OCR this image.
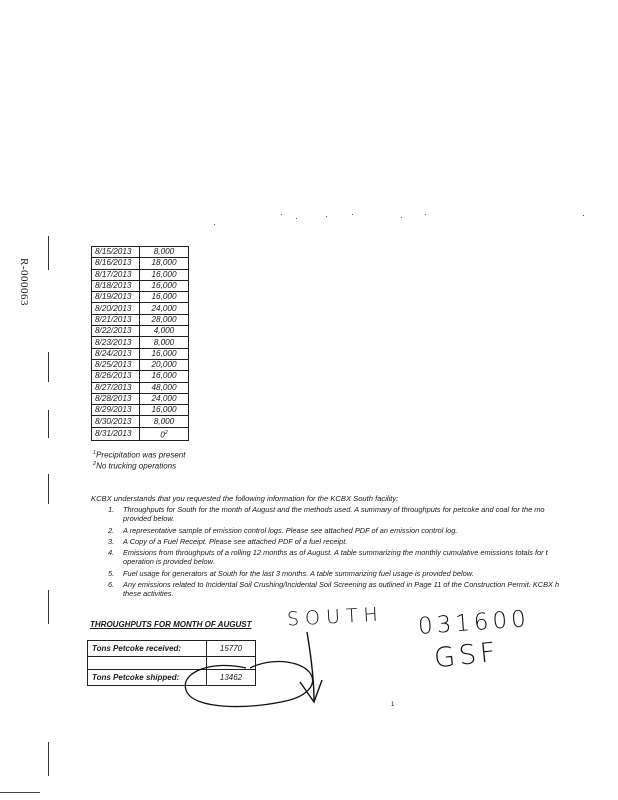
R-000063
8/15/2013	8,000
8/16/2013	18,000
8/17/2013	16,000
8/18/2013	16,000
8/19/2013	16,000
8/20/2013	24,000
8/21/2013	28,000
8/22/2013	4,000
8/23/2013	8,000
8/24/2013	16,000
8/25/2013	20,000
8/26/2013	16,000
8/27/2013	48,000
8/28/2013	24,000
8/29/2013	16,000
8/30/2013	8,000
8/31/2013	$0^2$
$^1$Precipitation was present
$^2$No trucking operations
KCBX understands that you requested the following information for the KCBX South facility:
1. Throughputs for South for the month of August and the methods used. A summary of throughputs for petcoke and coal for the mo
provided below.
2. A representative sample of emission control logs. Please see attached PDF of an emission control log.
3. A Copy of a Fuel Receipt. Please see attached PDF of a fuel receipt.
4. Emissions from throughputs of a rolling 12 months as of August. A table summarizing the monthly cumulative emissions totals for t
operation is provided below.
5. Fuel usage for generators at South for the last 3 months. A table summarizing fuel usage is provided below.
6. Any emissions related to Incidental Soil Crushing/Incidental Soil Screening as outlined in Page 11 of the Construction Permit. KCBX h
these activities.
THROUGHPUTS FOR MONTH OF AUGUST
Tons Petcoke received:	15770

Tons Petcoke shipped:	13462
SOUTH 031600
GSF
1
